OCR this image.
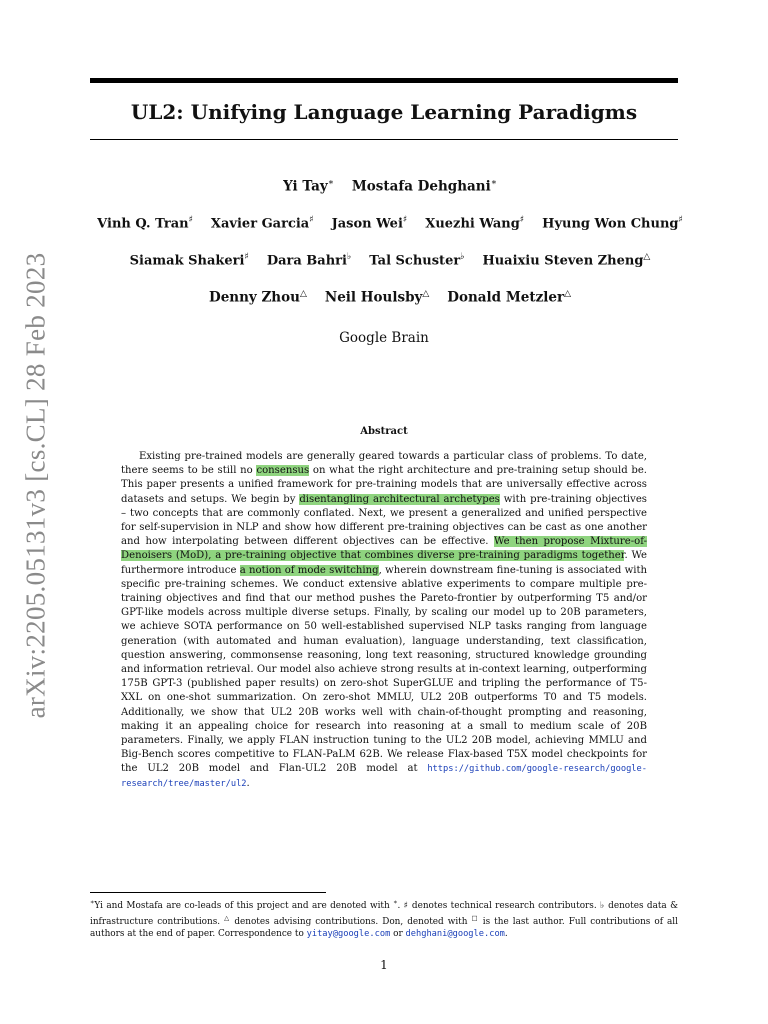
arXiv:2205.05131v3 [cs.CL] 28 Feb 2023
UL2: Unifying Language Learning Paradigms
Yi Tay∗ Mostafa Dehghani∗
Vinh Q. Tran♯ Xavier Garcia♯ Jason Wei♯ Xuezhi Wang♯ Hyung Won Chung♯
Siamak Shakeri♯ Dara Bahri♭ Tal Schuster♭ Huaixiu Steven Zheng△
Denny Zhou△ Neil Houlsby△ Donald Metzler△
Google Brain
Abstract
Existing pre-trained models are generally geared towards a particular class of problems. To date, there seems to be still no consensus on what the right architecture and pre-training setup should be. This paper presents a unified framework for pre-training models that are universally effective across datasets and setups. We begin by disentangling architectural archetypes with pre-training objectives – two concepts that are commonly conflated. Next, we present a generalized and unified perspective for self-supervision in NLP and show how different pre-training objectives can be cast as one another and how interpolating between different objectives can be effective. We then propose Mixture-of-Denoisers (MoD), a pre-training objective that combines diverse pre-training paradigms together. We furthermore introduce a notion of mode switching, wherein downstream fine-tuning is associated with specific pre-training schemes. We conduct extensive ablative experiments to compare multiple pre-training objectives and find that our method pushes the Pareto-frontier by outperforming T5 and/or GPT-like models across multiple diverse setups. Finally, by scaling our model up to 20B parameters, we achieve SOTA performance on 50 well-established supervised NLP tasks ranging from language generation (with automated and human evaluation), language understanding, text classification, question answering, commonsense reasoning, long text reasoning, structured knowledge grounding and information retrieval. Our model also achieve strong results at in-context learning, outperforming 175B GPT-3 (published paper results) on zero-shot SuperGLUE and tripling the performance of T5-XXL on one-shot summarization. On zero-shot MMLU, UL2 20B outperforms T0 and T5 models. Additionally, we show that UL2 20B works well with chain-of-thought prompting and reasoning, making it an appealing choice for research into reasoning at a small to medium scale of 20B parameters. Finally, we apply FLAN instruction tuning to the UL2 20B model, achieving MMLU and Big-Bench scores competitive to FLAN-PaLM 62B. We release Flax-based T5X model checkpoints for the UL2 20B model and Flan-UL2 20B model at https://github.com/google-research/google-research/tree/master/ul2.
∗Yi and Mostafa are co-leads of this project and are denoted with ∗. ♯ denotes technical research contributors. ♭ denotes data & infrastructure contributions. △ denotes advising contributions. Don, denoted with □ is the last author. Full contributions of all authors at the end of paper. Correspondence to yitay@google.com or dehghani@google.com.
1
